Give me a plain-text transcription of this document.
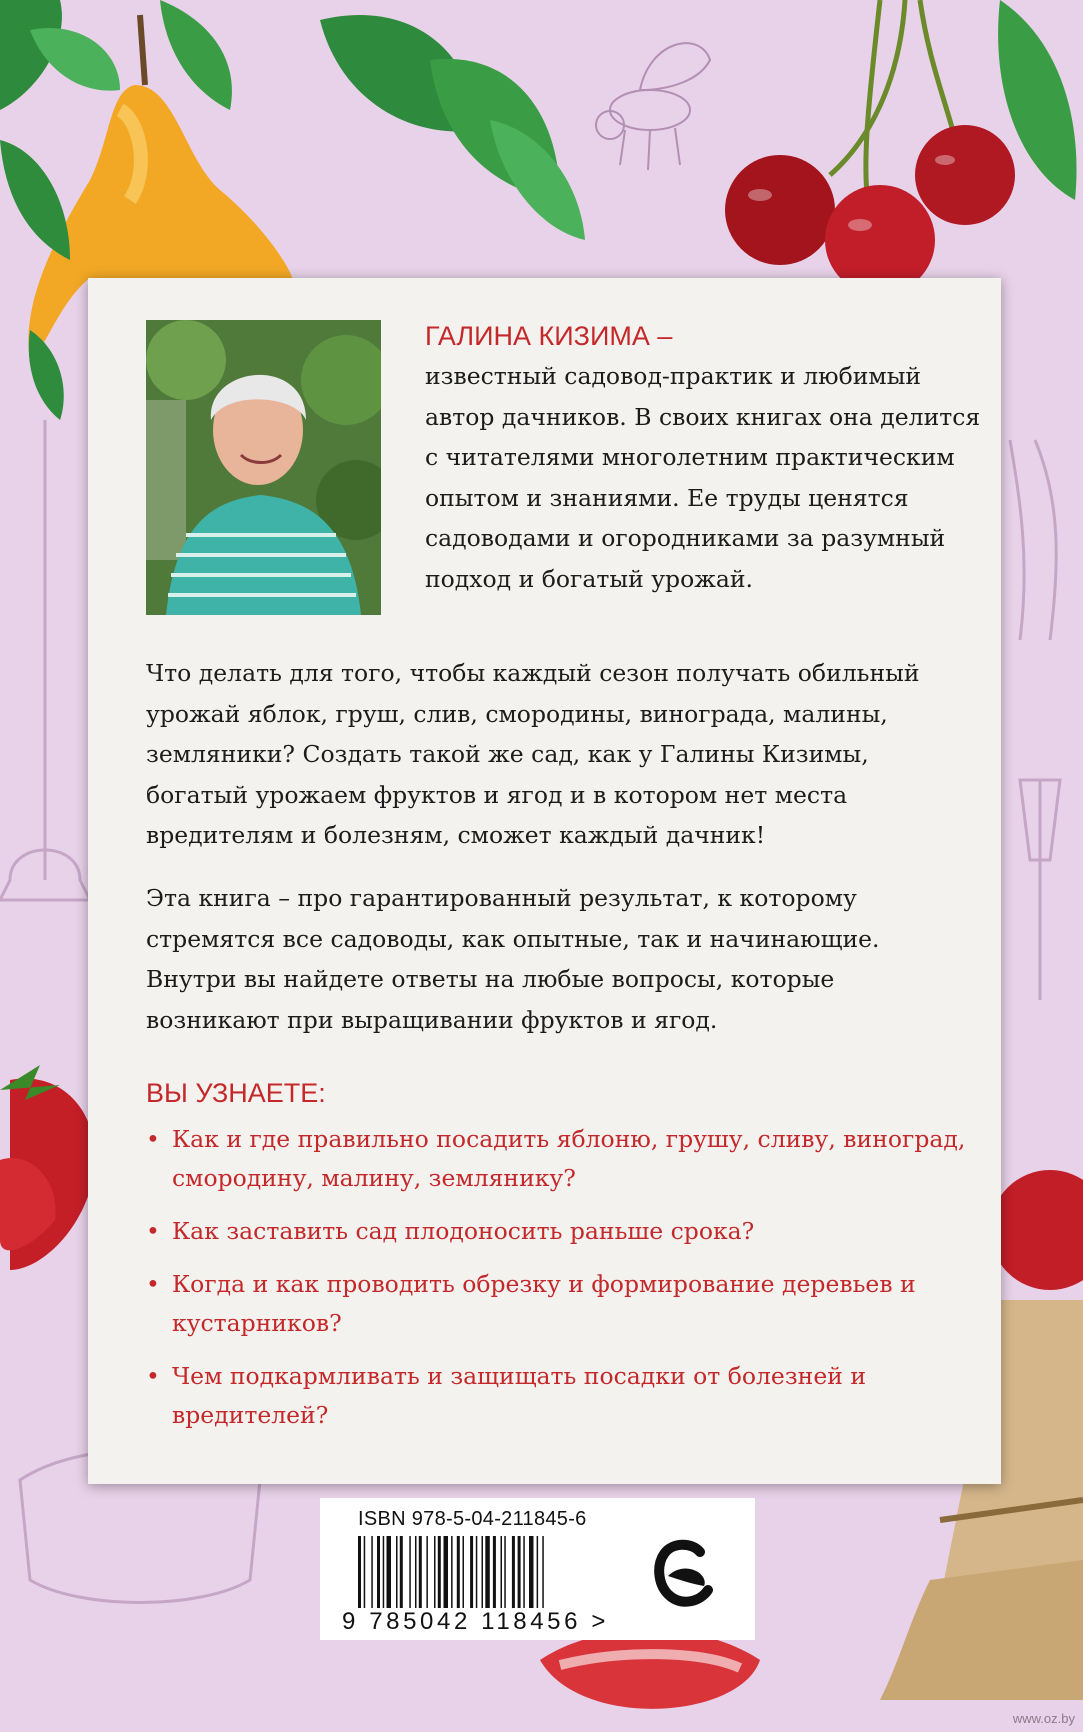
ГАЛИНА КИЗИМА –

известный садовод-практик и любимый автор дачников. В своих книгах она делится с читателями многолетним практическим опытом и знаниями. Ее труды ценятся садоводами и огородниками за разумный подход и богатый урожай.

Что делать для того, чтобы каждый сезон получать обильный урожай яблок, груш, слив, смородины, винограда, малины, земляники? Создать такой же сад, как у Галины Кизимы, богатый урожаем фруктов и ягод и в котором нет места вредителям и болезням, сможет каждый дачник!

Эта книга – про гарантированный результат, к которому стремятся все садоводы, как опытные, так и начинающие. Внутри вы найдете ответы на любые вопросы, которые возникают при выращивании фруктов и ягод.

ВЫ УЗНАЕТЕ:

• Как и где правильно посадить яблоню, грушу, сливу, виноград, смородину, малину, землянику?
• Как заставить сад плодоносить раньше срока?
• Когда и как проводить обрезку и формирование деревьев и кустарников?
• Чем подкармливать и защищать посадки от болезней и вредителей?
ISBN 978-5-04-211845-6
9 785042 118456 >
www.oz.by
